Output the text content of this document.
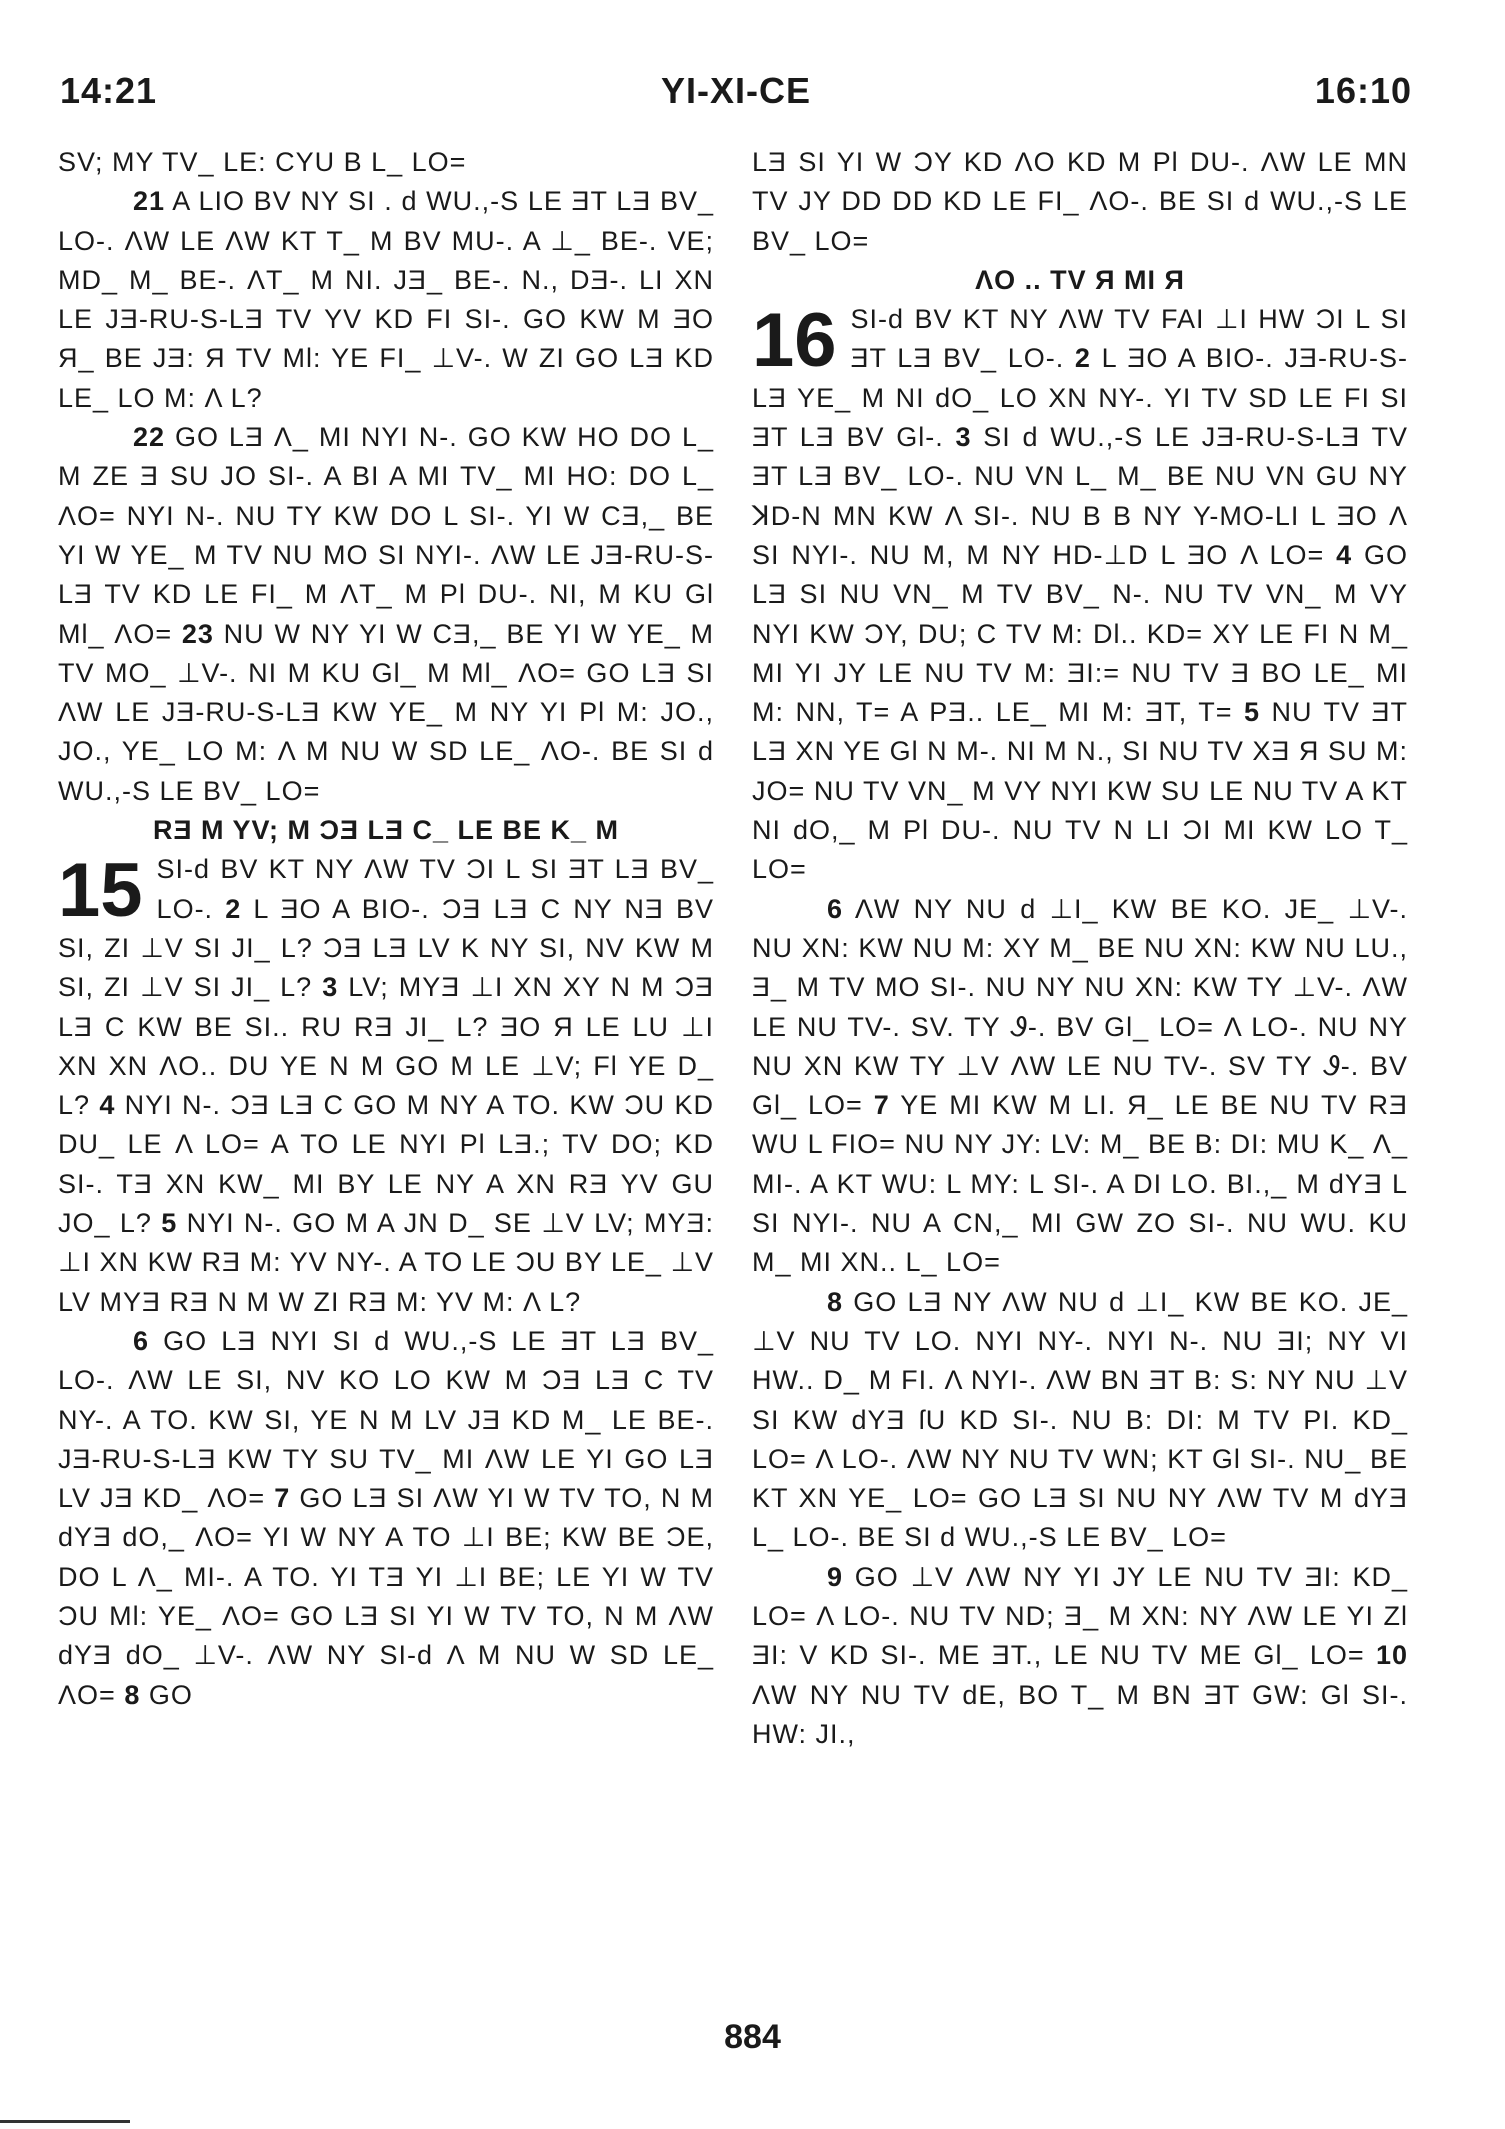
14:21	YI-XI-CE	16:10

SV; MY TV_ LE: CYU B L_ LO=

21 A LIO BV NY SI . d WU.,-S LE ƎT LƎ BV_ LO-. ΛW LE ΛW KT T_ M BV MU-. A ⊥_ BE-. VE; MD_ M_ BE-. ΛT_ M NI. JƎ_ BE-. N., DƎ-. LI XN LE JƎ-RU-S-LƎ TV YV KD FI SI-. GO KW M ƎO Я_ BE JƎ: Я TV MƖ: YE FI_ ⊥V-. W ZI GO LƎ KD LE_ LO M: Λ L?

22 GO LƎ Λ_ MI NYI N-. GO KW HO DO L_ M ZE Ǝ SU JO SI-. A BI A MI TV_ MI HO: DO L_ ΛO= NYI N-. NU TY KW DO L SI-. YI W CƎ,_ BE YI W YE_ M TV NU MO SI NYI-. ΛW LE JƎ-RU-S-LƎ TV KD LE FI_ M ΛT_ M PƖ DU-. NI, M KU GƖ MƖ_ ΛO= 23 NU W NY YI W CƎ,_ BE YI W YE_ M TV MO_ ⊥V-. NI M KU GƖ_ M MƖ_ ΛO= GO LƎ SI ΛW LE JƎ-RU-S-LƎ KW YE_ M NY YI PƖ M: JO., JO., YE_ LO M: Λ M NU W SD LE_ ΛO-. BE SI d WU.,-S LE BV_ LO=

RƎ M YV; M ƆƎ LƎ C_ LE BE K_ M

15 SI-d BV KT NY ΛW TV ƆI L SI ƎT LƎ BV_ LO-. 2 L ƎO A BIO-. ƆƎ LƎ C NY NƎ BV SI, ZI ⊥V SI JI_ L? ƆƎ LƎ LV K NY SI, NV KW M SI, ZI ⊥V SI JI_ L? 3 LV; MYƎ ⊥I XN XY N M ƆƎ LƎ C KW BE SI.. RU RƎ JI_ L? ƎO Я LE LU ⊥I XN XN ΛO.. DU YE N M GO M LE ⊥V; FƖ YE D_ L? 4 NYI N-. ƆƎ LƎ C GO M NY A TO. KW ƆU KD DU_ LE Λ LO= A TO LE NYI PƖ LƎ.; TV DO; KD SI-. TƎ XN KW_ MI BY LE NY A XN RƎ YV GU JO_ L? 5 NYI N-. GO M A JN D_ SE ⊥V LV; MYƎ: ⊥I XN KW RƎ M: YV NY-. A TO LE ƆU BY LE_ ⊥V LV MYƎ RƎ N M W ZI RƎ M: YV M: Λ L?

6 GO LƎ NYI SI d WU.,-S LE ƎT LƎ BV_ LO-. ΛW LE SI, NV KO LO KW M ƆƎ LƎ C TV NY-. A TO. KW SI, YE N M LV JƎ KD M_ LE BE-. JƎ-RU-S-LƎ KW TY SU TV_ MI ΛW LE YI GO LƎ LV JƎ KD_ ΛO= 7 GO LƎ SI ΛW YI W TV TO, N M dYƎ dO,_ ΛO= YI W NY A TO ⊥I BE; KW BE ƆE, DO L Λ_ MI-. A TO. YI TƎ YI ⊥I BE; LE YI W TV ƆU MƖ: YE_ ΛO= GO LƎ SI YI W TV TO, N M ΛW dYƎ dO_ ⊥V-. ΛW NY SI-d Λ M NU W SD LE_ ΛO= 8 GO

LƎ SI YI W ƆY KD ΛO KD M PƖ DU-. ΛW LE MN TV JY DD DD KD LE FI_ ΛO-. BE SI d WU.,-S LE BV_ LO=

ΛO .. TV Я MƖ Я

16 SI-d BV KT NY ΛW TV FAI ⊥I HW ƆI L SI ƎT LƎ BV_ LO-. 2 L ƎO A BIO-. JƎ-RU-S-LƎ YE_ M NI dO_ LO XN NY-. YI TV SD LE FI SI ƎT LƎ BV GƖ-. 3 SI d WU.,-S LE JƎ-RU-S-LƎ TV ƎT LƎ BV_ LO-. NU VN L_ M_ BE NU VN GU NY ꓘD-N MN KW Λ SI-. NU B B NY Y-MO-LI L ƎO Λ SI NYI-. NU M, M NY HD-⊥D L ƎO Λ LO= 4 GO LƎ SI NU VN_ M TV BV_ N-. NU TV VN_ M VY NYI KW ƆY, DU; C TV M: DƖ.. KD= XY LE FI N M_ MI YI JY LE NU TV M: ƎI:= NU TV Ǝ BO LE_ MI M: NN, T= A PƎ.. LE_ MI M: ƎT, T= 5 NU TV ƎT LƎ XN YE GƖ N M-. NI M N., SI NU TV XƎ Я SU M: JO= NU TV VN_ M VY NYI KW SU LE NU TV A KT NI dO,_ M PƖ DU-. NU TV N LI ƆI MI KW LO T_ LO=

6 ΛW NY NU d ⊥I_ KW BE KO. JE_ ⊥V-. NU XN: KW NU M: XY M_ BE NU XN: KW NU LU., Ǝ_ M TV MO SI-. NU NY NU XN: KW TY ⊥V-. ΛW LE NU TV-. SV. TY Ꮽ-. BV GƖ_ LO= Λ LO-. NU NY NU XN KW TY ⊥V ΛW LE NU TV-. SV TY Ꮽ-. BV GƖ_ LO= 7 YE MI KW M LI. Я_ LE BE NU TV RƎ WU L FIO= NU NY JY: LV: M_ BE B: DI: MU K_ Λ_ MI-. A KT WU: L MY: L SI-. A DI LO. BI.,_ M dYƎ L SI NYI-. NU A CN,_ MI GW ZO SI-. NU WU. KU M_ MI XN.. L_ LO=

8 GO LƎ NY ΛW NU d ⊥I_ KW BE KO. JE_ ⊥V NU TV LO. NYI NY-. NYI N-. NU ƎI; NY VI HW.. D_ M FI. Λ NYI-. ΛW BN ƎT B: S: NY NU ⊥V SI KW dYƎ ſU KD SI-. NU B: DI: M TV PI. KD_ LO= Λ LO-. ΛW NY NU TV WN; KT GƖ SI-. NU_ BE KT XN YE_ LO= GO LƎ SI NU NY ΛW TV M dYƎ L_ LO-. BE SI d WU.,-S LE BV_ LO=

9 GO ⊥V ΛW NY YI JY LE NU TV ƎI: KD_ LO= Λ LO-. NU TV ND; Ǝ_ M XN: NY ΛW LE YI ZƖ ƎI: V KD SI-. ME ƎT., LE NU TV ME GƖ_ LO= 10 ΛW NY NU TV dE, BO T_ M BN ƎT GW: GƖ SI-. HW: JI.,

884
